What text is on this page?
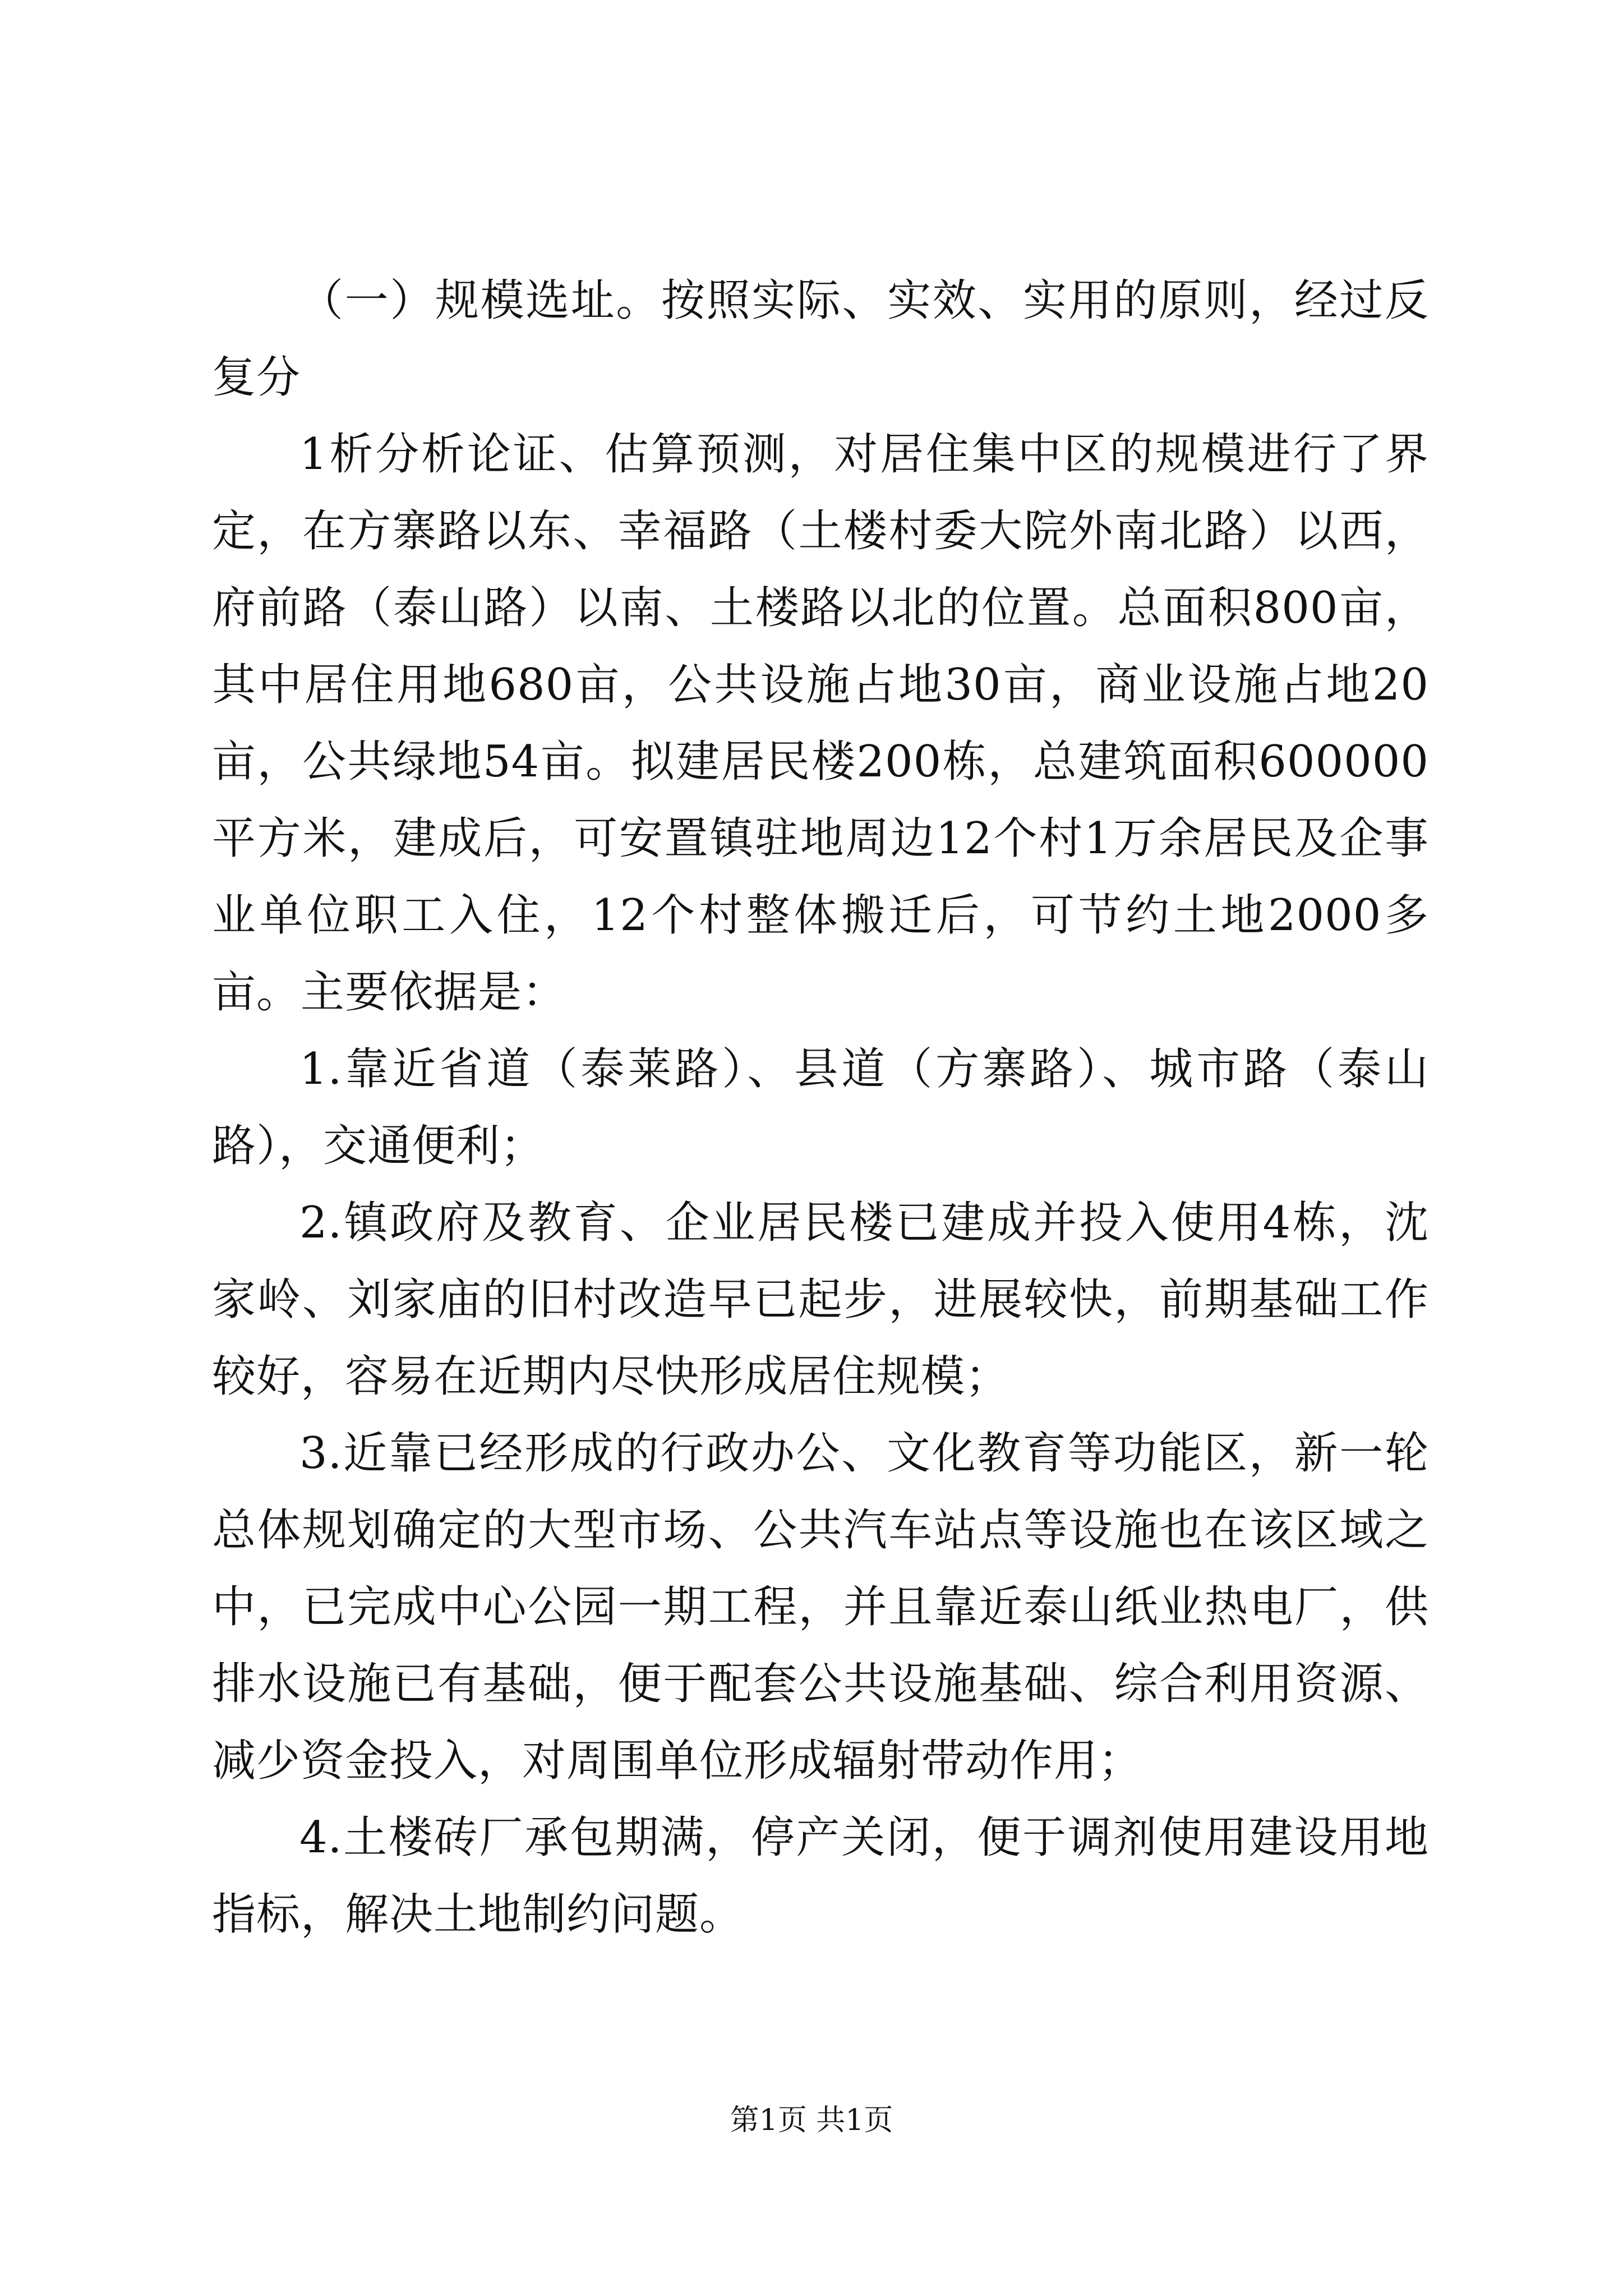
（一）规模选址。按照实际、实效、实用的原则，经过反复分

1析分析论证、估算预测，对居住集中区的规模进行了界定，在方寨路以东、幸福路（土楼村委大院外南北路）以西，府前路（泰山路）以南、土楼路以北的位置。总面积800亩，其中居住用地680亩，公共设施占地30亩，商业设施占地20亩，公共绿地54亩。拟建居民楼200栋，总建筑面积600000平方米，建成后，可安置镇驻地周边12个村1万余居民及企事业单位职工入住，12个村整体搬迁后，可节约土地2000多亩。主要依据是：

1.靠近省道（泰莱路）、县道（方寨路）、城市路（泰山路），交通便利；

2.镇政府及教育、企业居民楼已建成并投入使用4栋，沈家岭、刘家庙的旧村改造早已起步，进展较快，前期基础工作较好，容易在近期内尽快形成居住规模；

3.近靠已经形成的行政办公、文化教育等功能区，新一轮总体规划确定的大型市场、公共汽车站点等设施也在该区域之中，已完成中心公园一期工程，并且靠近泰山纸业热电厂，供排水设施已有基础，便于配套公共设施基础、综合利用资源、减少资金投入，对周围单位形成辐射带动作用；

4.土楼砖厂承包期满，停产关闭，便于调剂使用建设用地指标，解决土地制约问题。

第1页 共1页
